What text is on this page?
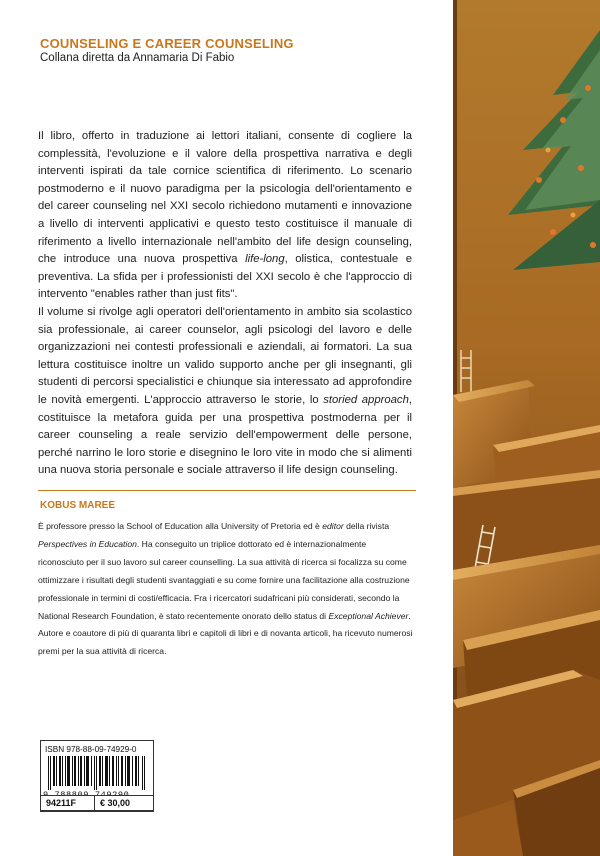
COUNSELING E CAREER COUNSELING
Collana diretta da Annamaria Di Fabio

Il libro, offerto in traduzione ai lettori italiani, consente di cogliere la complessità, l'evoluzione e il valore della prospettiva narrativa e degli interventi ispirati da tale cornice scientifica di riferimento. Lo scenario postmoderno e il nuovo paradigma per la psicologia dell'orientamento e del career counseling nel XXI secolo richiedono mutamenti e innovazione a livello di interventi applicativi e questo testo costituisce il manuale di riferimento a livello internazionale nell'ambito del life design counseling, che introduce una nuova prospettiva life-long, olistica, contestuale e preventiva. La sfida per i professionisti del XXI secolo è che l'approccio di intervento "enables rather than just fits".

Il volume si rivolge agli operatori dell'orientamento in ambito sia scolastico sia professionale, ai career counselor, agli psicologi del lavoro e delle organizzazioni nei contesti professionali e aziendali, ai formatori. La sua lettura costituisce inoltre un valido supporto anche per gli insegnanti, gli studenti di percorsi specialistici e chiunque sia interessato ad approfondire le novità emergenti. L'approccio attraverso le storie, lo storied approach, costituisce la metafora guida per una prospettiva postmoderna per il career counseling a reale servizio dell'empowerment delle persone, perché narrino le loro storie e disegnino le loro vite in modo che si alimenti una nuova storia personale e sociale attraverso il life design counseling.

KOBUS MAREE
È professore presso la School of Education alla University of Pretoria ed è editor della rivista Perspectives in Education. Ha conseguito un triplice dottorato ed è internazionalmente riconosciuto per il suo lavoro sul career counselling. La sua attività di ricerca si focalizza su come ottimizzare i risultati degli studenti svantaggiati e su come fornire una facilitazione alla costruzione professionale in termini di costi/efficacia. Fra i ricercatori sudafricani più considerati, secondo la National Research Foundation, è stato recentemente onorato dello status di Exceptional Achiever. Autore e coautore di più di quaranta libri e capitoli di libri e di novanta articoli, ha ricevuto numerosi premi per la sua attività di ricerca.
ISBN 978-88-09-74929-0
94211F	€ 30,00
